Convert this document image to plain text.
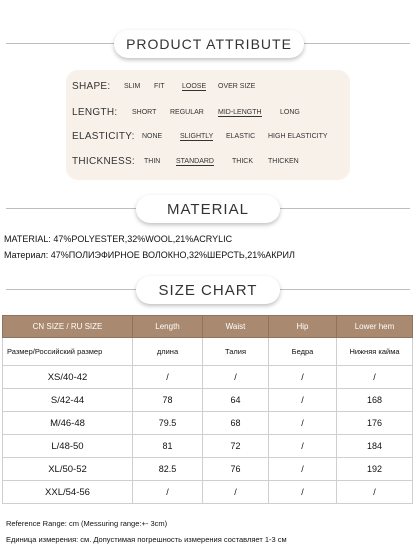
PRODUCT ATTRIBUTE
SHAPE: SLIM FIT	LOOSE OVER SIZE
LENGTH: SHORT REGULAR MID-LENGTH	LONG
ELASTICITY: NONE	SLIGHTLY ELASTIC HIGH ELASTICITY
THICKNESS: THIN STANDARD	THICK THICKEN
MATERIAL
MATERIAL: 47%POLYESTER,32%WOOL,21%ACRYLIC
Материал: 47%ПОЛИЭФИРНОЕ ВОЛОКНО,32%ШЕРСТЬ,21%АКРИЛ
SIZE CHART
CN SIZE / RU SIZE	Length	Waist	Hip	Lower hem
Размер/Российский размер	длина	Талия	Бедра	Нижняя кайма
XS/40-42	/	/	/	/
S/42-44	78	64	/	168
M/46-48	79.5	68	/	176
L/48-50	81	72	/	184
XL/50-52	82.5	76	/	192
XXL/54-56	/	/	/	/
Reference Range: cm (Messuring range:+- 3cm)
Единица измерения: см. Допустимая погрешность измерения составляет 1-3 см
